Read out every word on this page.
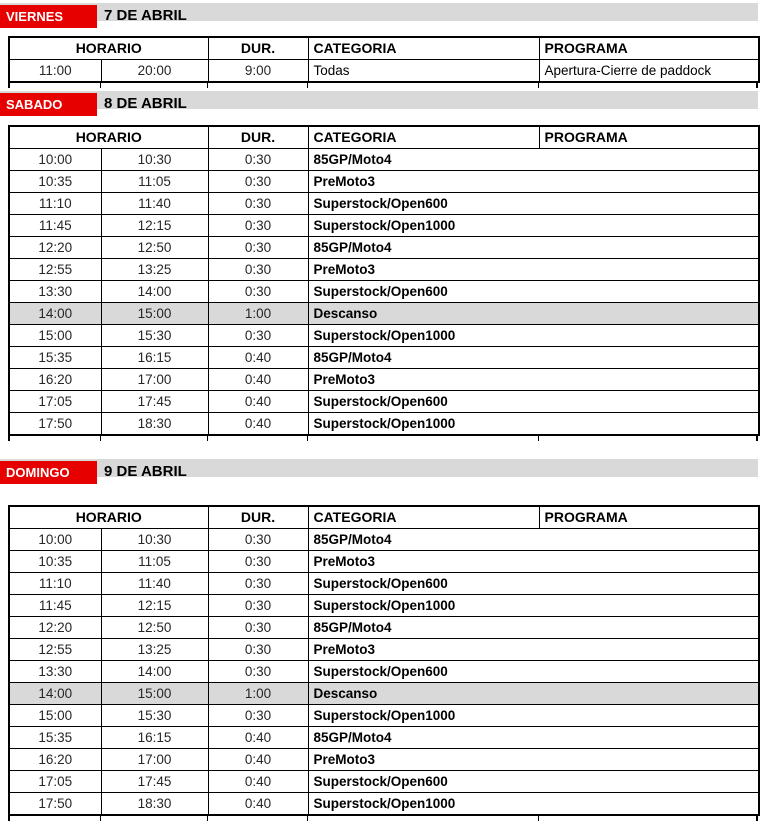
VIERNES	7 DE ABRIL
HORARIO		DUR.	CATEGORIA	PROGRAMA
11:00	20:00	9:00	Todas	Apertura-Cierre de paddock
SABADO	8 DE ABRIL
HORARIO		DUR.	CATEGORIA	PROGRAMA
10:00	10:30	0:30	85GP/Moto4	
10:35	11:05	0:30	PreMoto3	
11:10	11:40	0:30	Superstock/Open600	
11:45	12:15	0:30	Superstock/Open1000	
12:20	12:50	0:30	85GP/Moto4	
12:55	13:25	0:30	PreMoto3	
13:30	14:00	0:30	Superstock/Open600	
14:00	15:00	1:00	Descanso	
15:00	15:30	0:30	Superstock/Open1000	
15:35	16:15	0:40	85GP/Moto4	
16:20	17:00	0:40	PreMoto3	
17:05	17:45	0:40	Superstock/Open600	
17:50	18:30	0:40	Superstock/Open1000	
DOMINGO	9 DE ABRIL
HORARIO		DUR.	CATEGORIA	PROGRAMA
10:00	10:30	0:30	85GP/Moto4	
10:35	11:05	0:30	PreMoto3	
11:10	11:40	0:30	Superstock/Open600	
11:45	12:15	0:30	Superstock/Open1000	
12:20	12:50	0:30	85GP/Moto4	
12:55	13:25	0:30	PreMoto3	
13:30	14:00	0:30	Superstock/Open600	
14:00	15:00	1:00	Descanso	
15:00	15:30	0:30	Superstock/Open1000	
15:35	16:15	0:40	85GP/Moto4	
16:20	17:00	0:40	PreMoto3	
17:05	17:45	0:40	Superstock/Open600	
17:50	18:30	0:40	Superstock/Open1000	
